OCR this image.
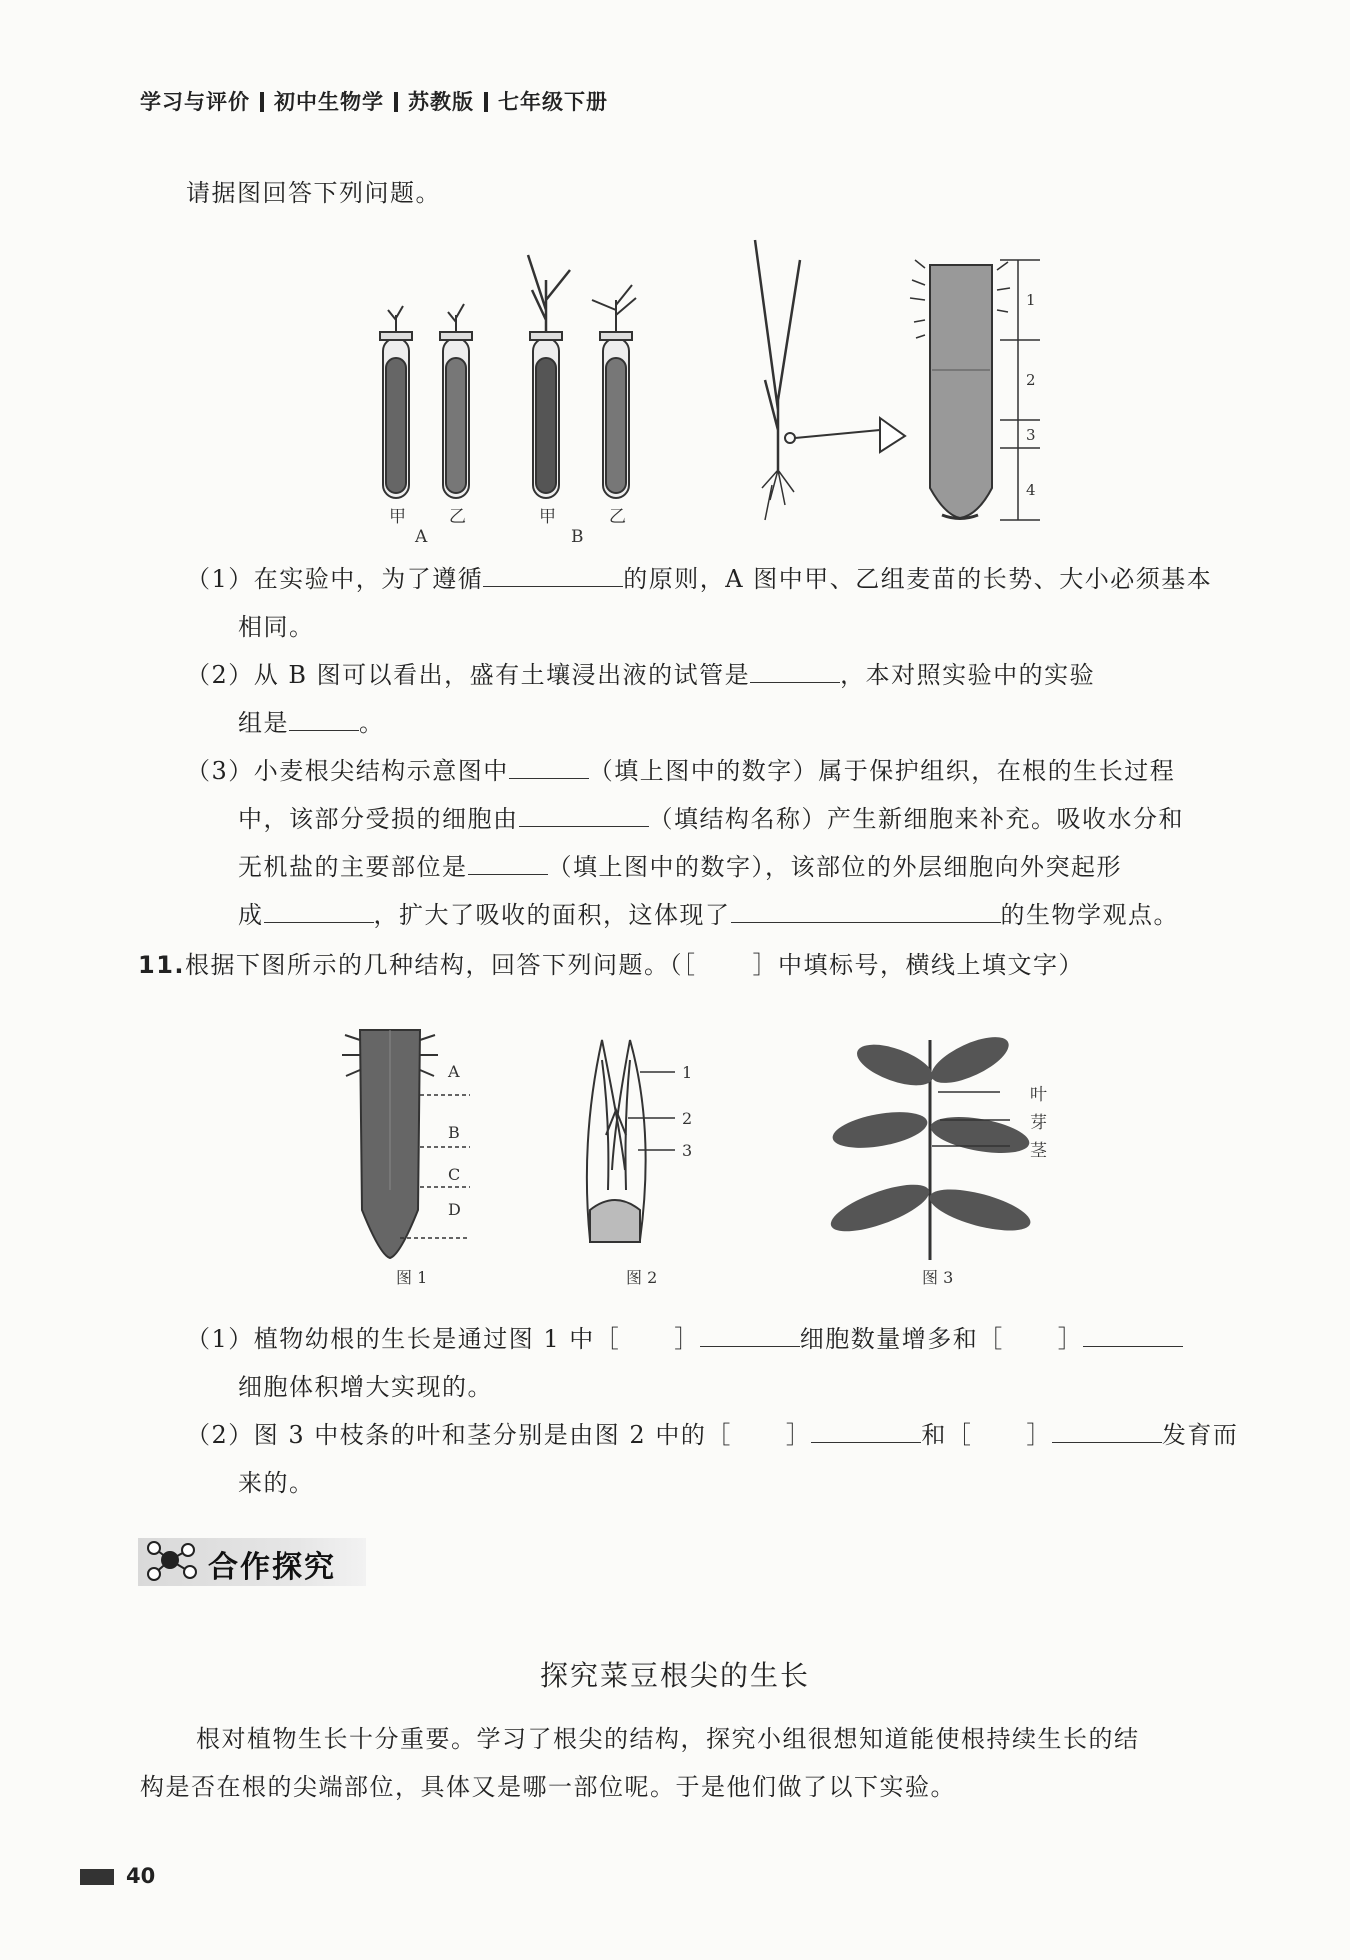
学习与评价 初中生物学 苏教版 七年级下册
请据图回答下列问题。
甲	乙	甲	乙
A	B
1
2
3
4
（1）在实验中，为了遵循	的原则，A 图中甲、乙组麦苗的长势、大小必须基本
相同。
（2）从 B 图可以看出，盛有土壤浸出液的试管是	，本对照实验中的实验
组是	。
（3）小麦根尖结构示意图中	（填上图中的数字）属于保护组织，在根的生长过程
中，该部分受损的细胞由	（填结构名称）产生新细胞来补充。吸收水分和
无机盐的主要部位是	（填上图中的数字），该部位的外层细胞向外突起形
成	，扩大了吸收的面积，这体现了	的生物学观点。
11.根据下图所示的几种结构，回答下列问题。（［ ］中填标号，横线上填文字）
A
B
C
D
1
2
3
叶
芽
茎
图 1	图 2	图 3
（1）植物幼根的生长是通过图 1 中［ ］	细胞数量增多和［ ］
细胞体积增大实现的。
（2）图 3 中枝条的叶和茎分别是由图 2 中的［ ］	和［ ］	发育而
来的。
合作探究
探究菜豆根尖的生长
根对植物生长十分重要。学习了根尖的结构，探究小组很想知道能使根持续生长的结
构是否在根的尖端部位，具体又是哪一部位呢。于是他们做了以下实验。
40
